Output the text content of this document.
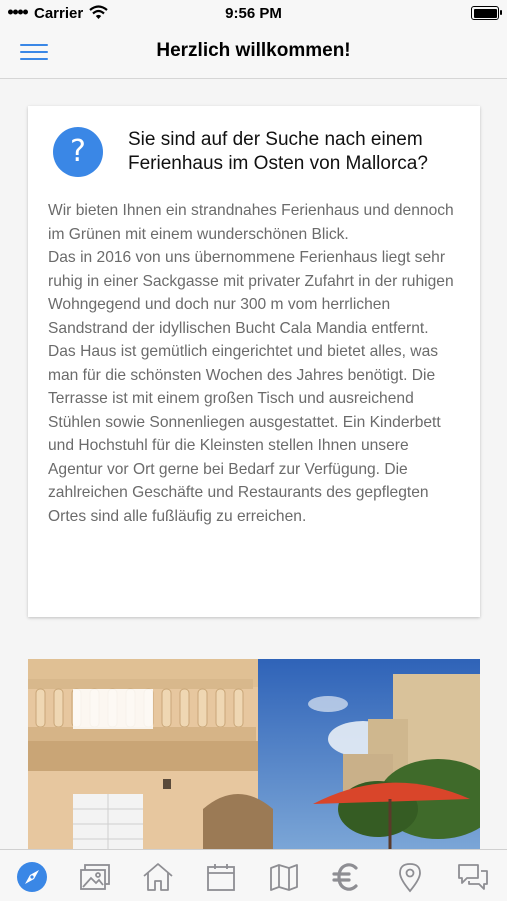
Carrier	9:56 PM
Herzlich willkommen!
?	Sie sind auf der Suche nach einem Ferienhaus im Osten von Mallorca?

Wir bieten Ihnen ein strandnahes Ferienhaus und dennoch im Grünen mit einem wunderschönen Blick.

Das in 2016 von uns übernommene Ferienhaus liegt sehr ruhig in einer Sackgasse mit privater Zufahrt in der ruhigen Wohngegend und doch nur 300 m vom herrlichen Sandstrand der idyllischen Bucht Cala Mandia entfernt.

Das Haus ist gemütlich eingerichtet und bietet alles, was man für die schönsten Wochen des Jahres benötigt. Die Terrasse ist mit einem großen Tisch und ausreichend Stühlen sowie Sonnenliegen ausgestattet. Ein Kinderbett und Hochstuhl für die Kleinsten stellen Ihnen unsere Agentur vor Ort gerne bei Bedarf zur Verfügung. Die zahlreichen Geschäfte und Restaurants des gepflegten Ortes sind alle fußläufig zu erreichen.
